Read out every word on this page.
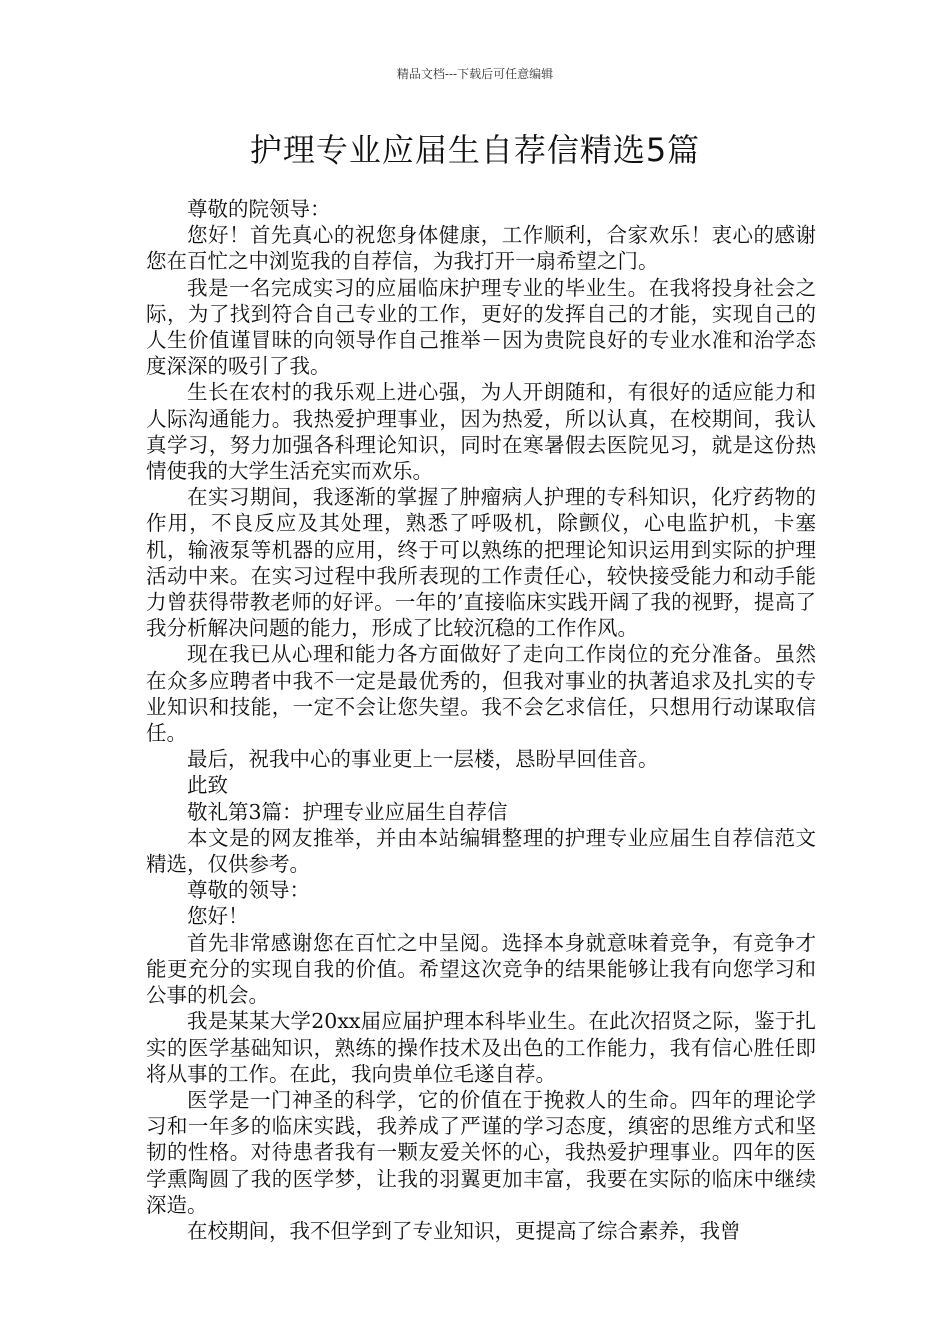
精品文档---下载后可任意编辑
护理专业应届生自荐信精选5篇

尊敬的院领导：

您好！首先真心的祝您身体健康，工作顺利，合家欢乐！衷心的感谢您在百忙之中浏览我的自荐信，为我打开一扇希望之门。

我是一名完成实习的应届临床护理专业的毕业生。在我将投身社会之际，为了找到符合自己专业的工作，更好的发挥自己的才能，实现自己的人生价值谨冒昧的向领导作自己推举－因为贵院良好的专业水准和治学态度深深的吸引了我。

生长在农村的我乐观上进心强，为人开朗随和，有很好的适应能力和人际沟通能力。我热爱护理事业，因为热爱，所以认真，在校期间，我认真学习，努力加强各科理论知识，同时在寒暑假去医院见习，就是这份热情使我的大学生活充实而欢乐。

在实习期间，我逐渐的掌握了肿瘤病人护理的专科知识，化疗药物的作用，不良反应及其处理，熟悉了呼吸机，除颤仪，心电监护机，卡塞机，输液泵等机器的应用，终于可以熟练的把理论知识运用到实际的护理活动中来。在实习过程中我所表现的工作责任心，较快接受能力和动手能力曾获得带教老师的好评。一年的’直接临床实践开阔了我的视野，提高了我分析解决问题的能力，形成了比较沉稳的工作作风。

现在我已从心理和能力各方面做好了走向工作岗位的充分准备。虽然在众多应聘者中我不一定是最优秀的，但我对事业的执著追求及扎实的专业知识和技能，一定不会让您失望。我不会乞求信任，只想用行动谋取信任。

最后，祝我中心的事业更上一层楼，恳盼早回佳音。

此致

敬礼第3篇：护理专业应届生自荐信

本文是的网友推举，并由本站编辑整理的护理专业应届生自荐信范文精选，仅供参考。

尊敬的领导：

您好！

首先非常感谢您在百忙之中呈阅。选择本身就意味着竞争，有竞争才能更充分的实现自我的价值。希望这次竞争的结果能够让我有向您学习和公事的机会。

我是某某大学20xx届应届护理本科毕业生。在此次招贤之际，鉴于扎实的医学基础知识，熟练的操作技术及出色的工作能力，我有信心胜任即将从事的工作。在此，我向贵单位毛遂自荐。

医学是一门神圣的科学，它的价值在于挽救人的生命。四年的理论学习和一年多的临床实践，我养成了严谨的学习态度，缜密的思维方式和坚韧的性格。对待患者我有一颗友爱关怀的心，我热爱护理事业。四年的医学熏陶圆了我的医学梦，让我的羽翼更加丰富，我要在实际的临床中继续深造。

在校期间，我不但学到了专业知识，更提高了综合素养，我曾
